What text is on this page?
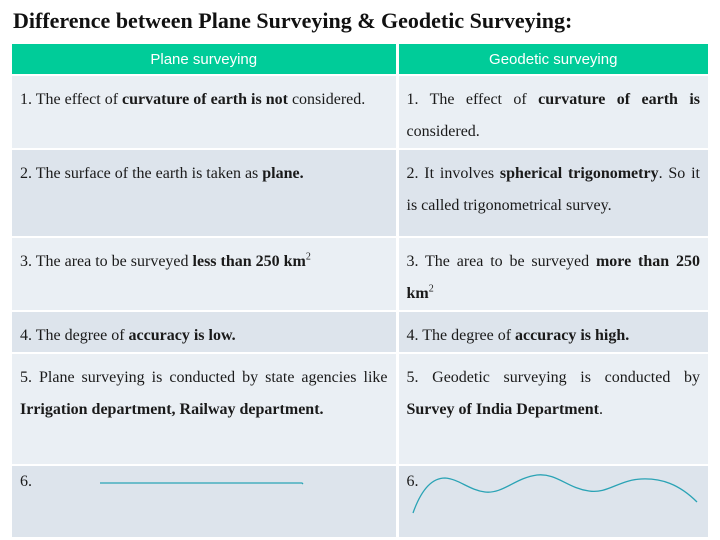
Difference between Plane Surveying & Geodetic Surveying:
Plane surveying	Geodetic surveying
1. The effect of curvature of earth is not considered.	1. The effect of curvature of earth is considered.
2. The surface of the earth is taken as plane.	2. It involves spherical trigonometry. So it is called trigonometrical survey.
3. The area to be surveyed less than 250 $km^2$	3. The area to be surveyed more than 250 $km^2$
4. The degree of accuracy is low.	4. The degree of accuracy is high.
5. Plane surveying is conducted by state agencies like Irrigation department, Railway department.	5. Geodetic surveying is conducted by Survey of India Department.

6.	6.
